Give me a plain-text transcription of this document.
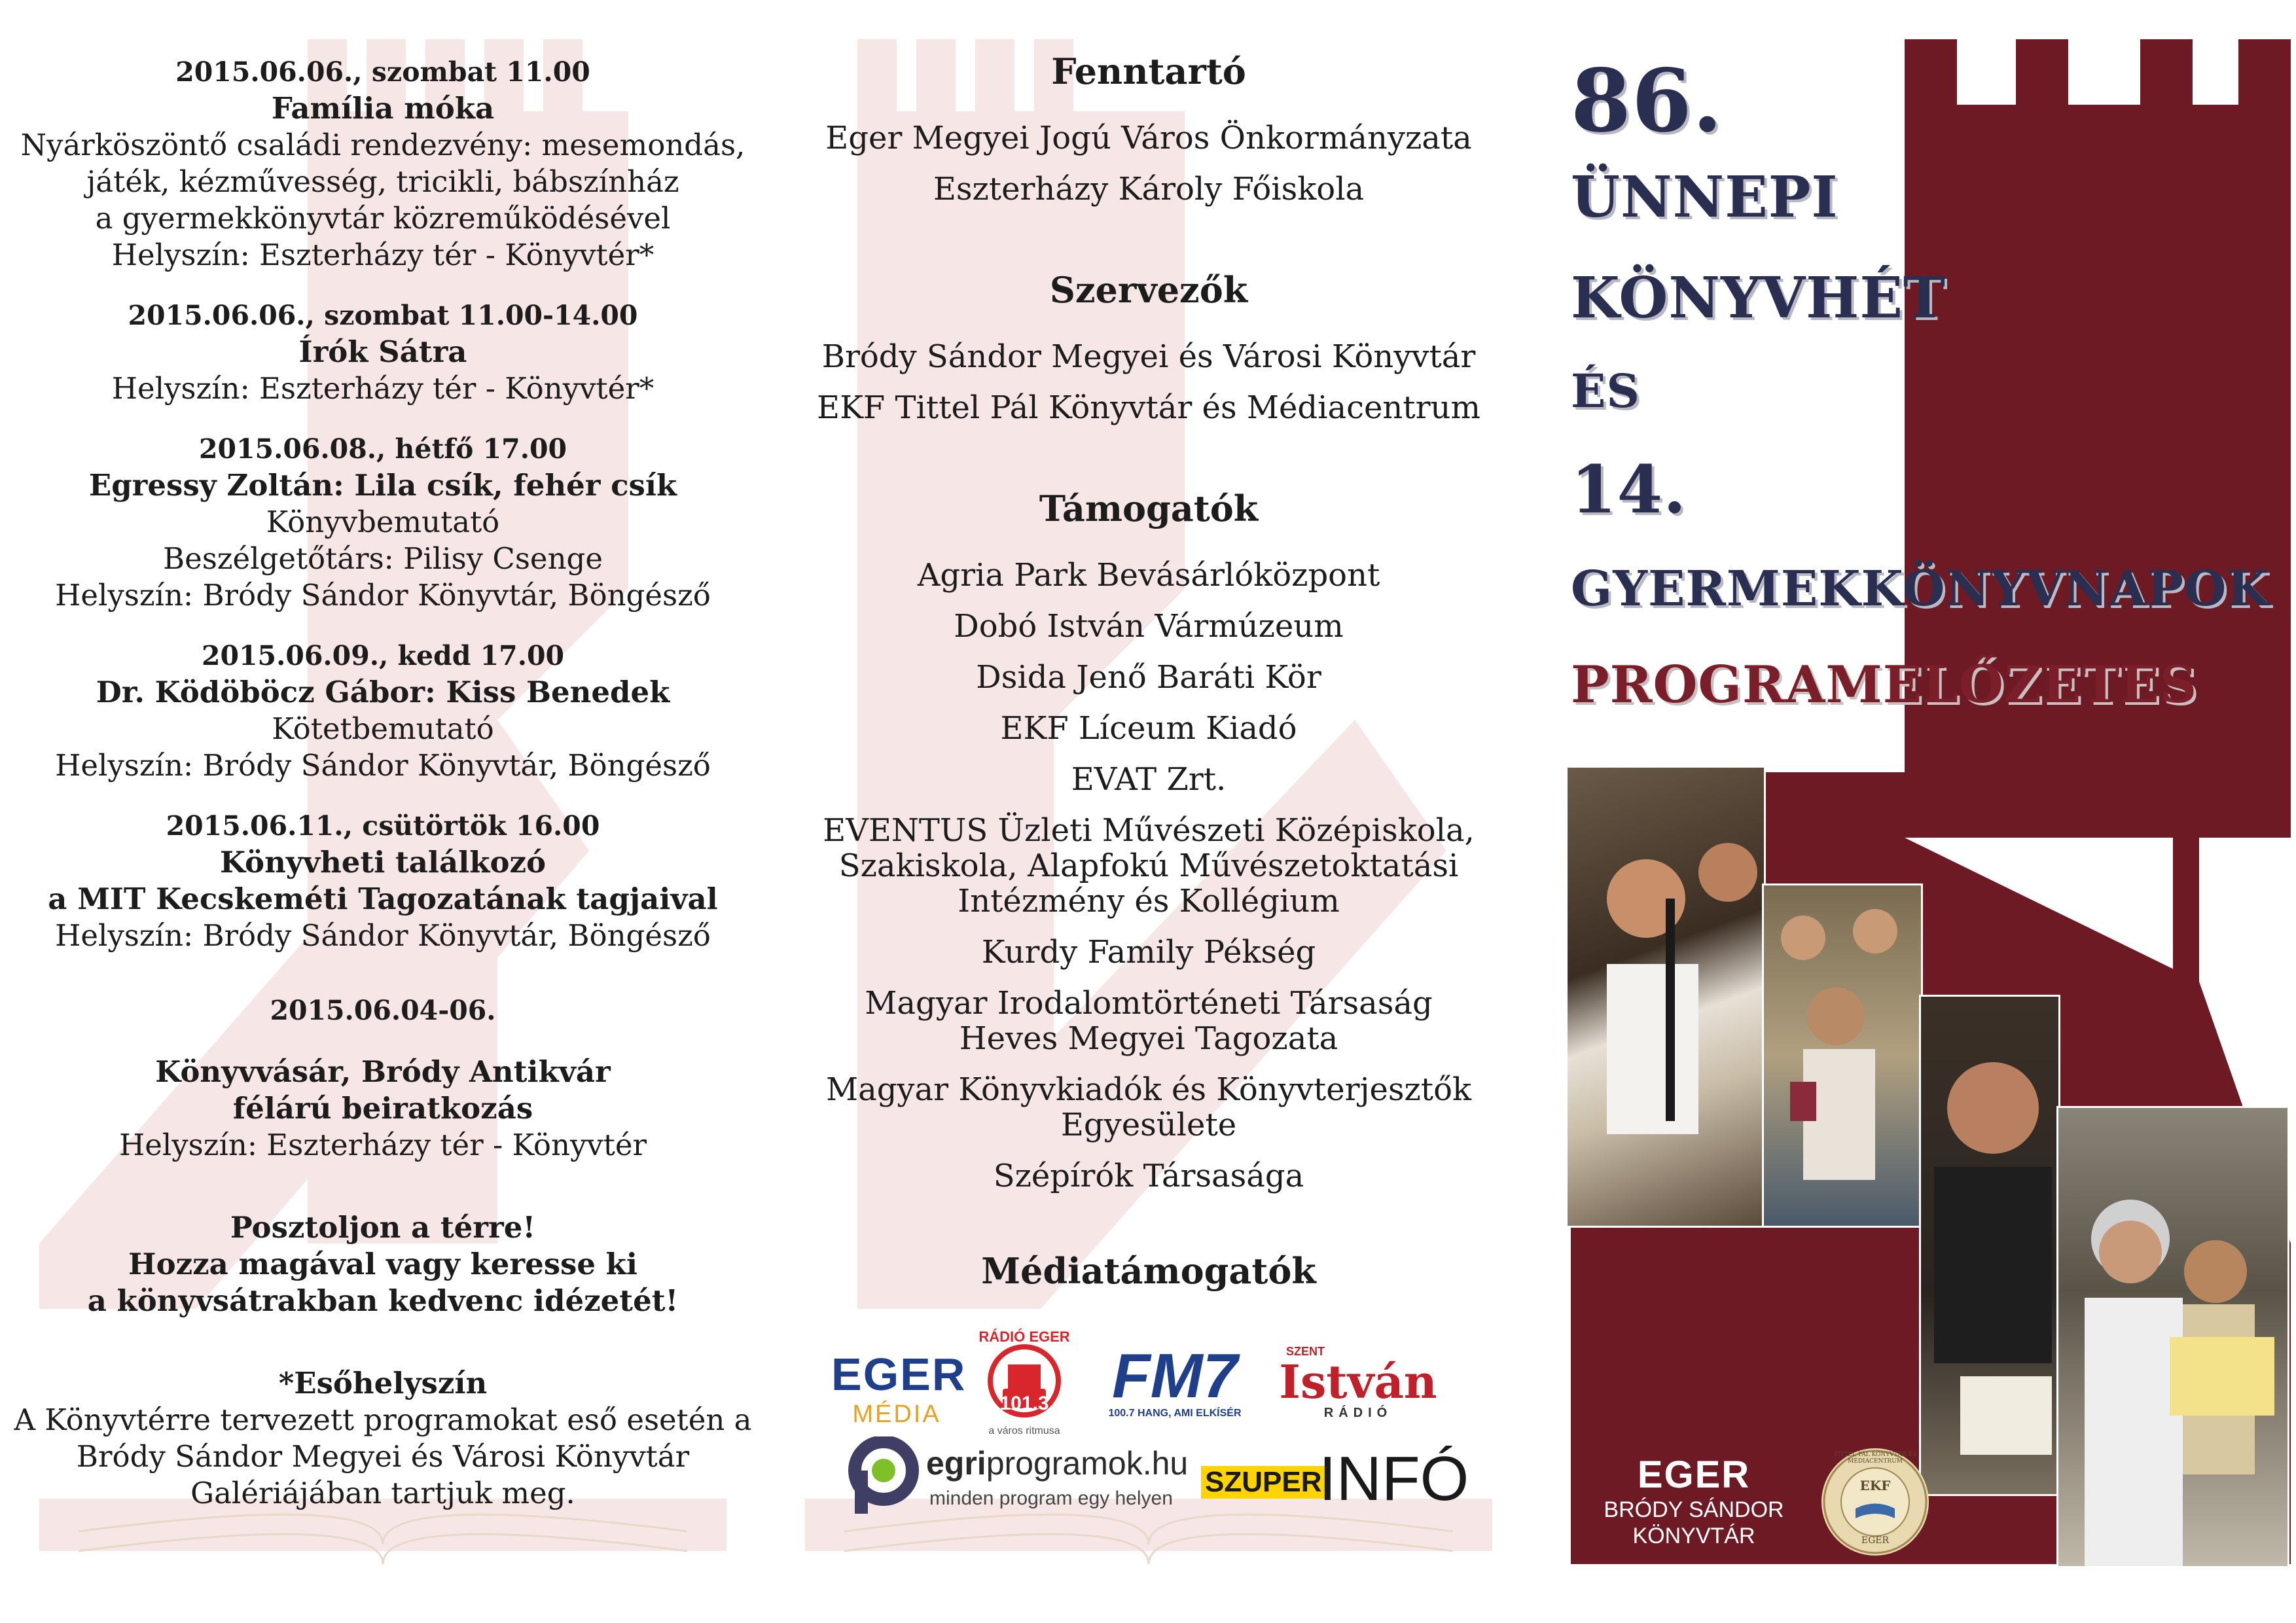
2015.06.06., szombat 11.00
Família móka
Nyárköszöntő családi rendezvény: mesemondás,
játék, kézművesség, tricikli, bábszínház
a gyermekkönyvtár közreműködésével
Helyszín: Eszterházy tér - Könyvtér*
2015.06.06., szombat 11.00-14.00
Írók Sátra
Helyszín: Eszterházy tér - Könyvtér*
2015.06.08., hétfő 17.00
Egressy Zoltán: Lila csík, fehér csík
Könyvbemutató
Beszélgetőtárs: Pilisy Csenge
Helyszín: Bródy Sándor Könyvtár, Böngésző
2015.06.09., kedd 17.00
Dr. Ködöböcz Gábor: Kiss Benedek
Kötetbemutató
Helyszín: Bródy Sándor Könyvtár, Böngésző
2015.06.11., csütörtök 16.00
Könyvheti találkozó
a MIT Kecskeméti Tagozatának tagjaival
Helyszín: Bródy Sándor Könyvtár, Böngésző
2015.06.04-06.
Könyvvásár, Bródy Antikvár
félárú beiratkozás
Helyszín: Eszterházy tér - Könyvtér
Posztoljon a térre!
Hozza magával vagy keresse ki
a könyvsátrakban kedvenc idézetét!
*Esőhelyszín
A Könyvtérre tervezett programokat eső esetén a
Bródy Sándor Megyei és Városi Könyvtár
Galériájában tartjuk meg.
Fenntartó
Eger Megyei Jogú Város Önkormányzata
Eszterházy Károly Főiskola
Szervezők
Bródy Sándor Megyei és Városi Könyvtár
EKF Tittel Pál Könyvtár és Médiacentrum
Támogatók
Agria Park Bevásárlóközpont
Dobó István Vármúzeum
Dsida Jenő Baráti Kör
EKF Líceum Kiadó
EVAT Zrt.
EVENTUS Üzleti Művészeti Középiskola,
Szakiskola, Alapfokú Művészetoktatási
Intézmény és Kollégium
Kurdy Family Pékség
Magyar Irodalomtörténeti Társaság
Heves Megyei Tagozata
Magyar Könyvkiadók és Könyvterjesztők
Egyesülete
Szépírók Társasága
Médiatámogatók
EGER
MÉDIA
RÁDIÓ EGER
101.3
a város ritmusa
FM7
100.7 HANG, AMI ELKÍSÉR
SZENT
István
RÁDIÓ
egriprogramok.hu
minden program egy helyen
SZUPER
INFÓ
86.
ÜNNEPI
KÖNYVHÉT
ÉS
14.
GYERMEKKÖNYVNAPOK
PROGRAMELŐZETES
EGER
BRÓDY SÁNDOR
KÖNYVTÁR
EKF
TITTEL PÁL KÖNYVTÁR ÉS MÉDIACENTRUM
EGER
